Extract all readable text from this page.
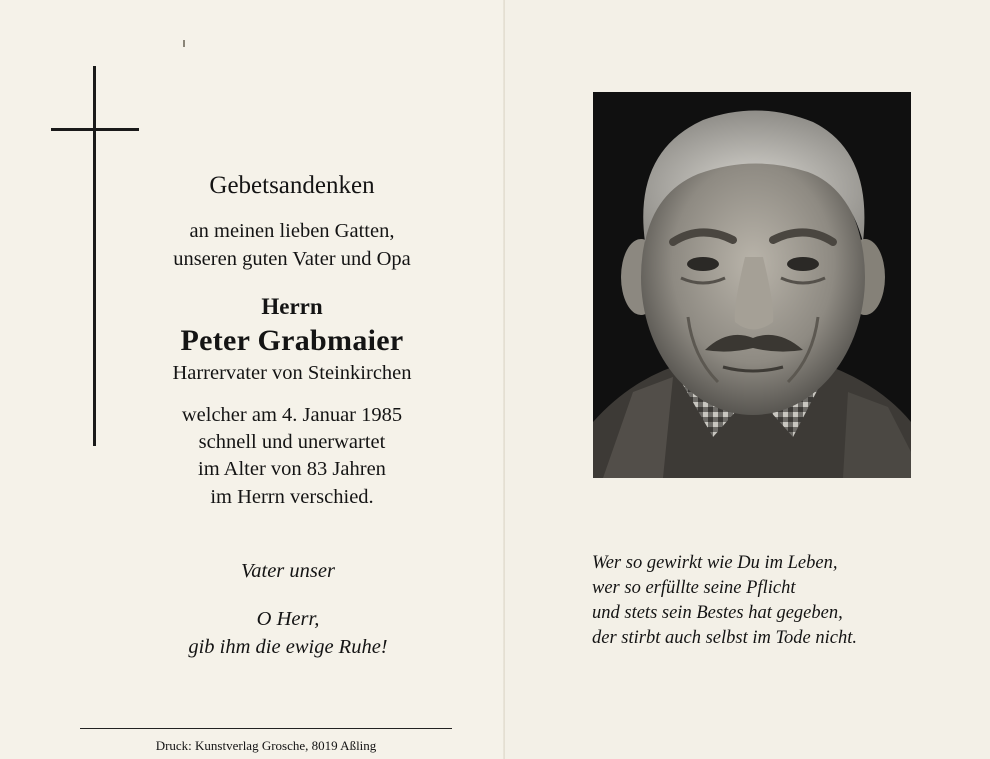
Gebetsandenken
an meinen lieben Gatten,
unseren guten Vater und Opa
Herrn
Peter Grabmaier
Harrervater von Steinkirchen
welcher am 4. Januar 1985
schnell und unerwartet
im Alter von 83 Jahren
im Herrn verschied.
Vater unser
O Herr,
gib ihm die ewige Ruhe!
Druck: Kunstverlag Grosche, 8019 Aßling
Wer so gewirkt wie Du im Leben,
wer so erfüllte seine Pflicht
und stets sein Bestes hat gegeben,
der stirbt auch selbst im Tode nicht.
